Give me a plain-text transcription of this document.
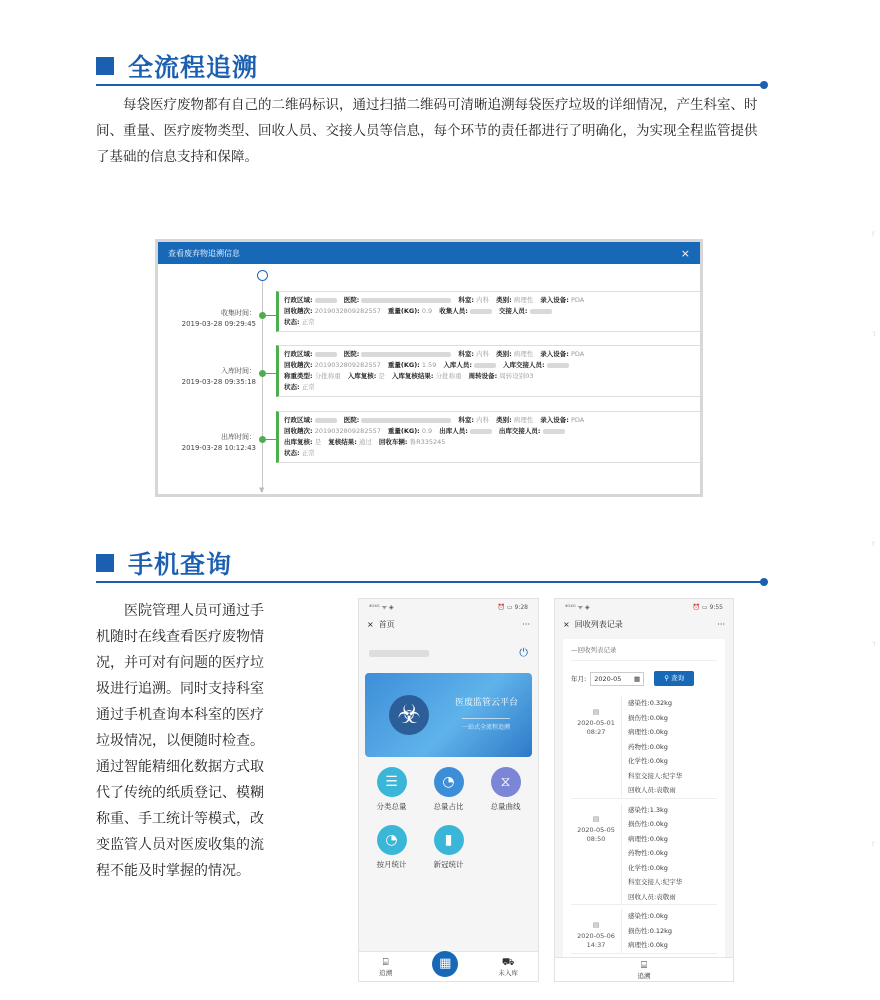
⸢
⸣
⸢
⸣
⸢
全流程追溯
每袋医疗废物都有自己的二维码标识，通过扫描二维码可清晰追溯每袋医疗垃圾的详细情况，产生科室、时间、重量、医疗废物类型、回收人员、交接人员等信息，每个环节的责任都进行了明确化，为实现全程监管提供了基础的信息支持和保障。
查看废弃物追溯信息	×
▼
收集时间：
2019-03-28 09:29:45
行政区域:	医院:	科室: 内科 类别: 病理性 录入设备: PDA
回收趟次: 2019032809282557 重量(KG): 0.9 收集人员:	交接人员:
状态: 正常
入库时间：
2019-03-28 09:35:18
行政区域:	医院:	科室: 内科 类别: 病理性 录入设备: PDA
回收趟次: 2019032809282557 重量(KG): 1.59 入库人员:	入库交接人员:
称重类型: 分批称重 入库复核: 是 入库复核结果: 分批称重 周转设备: 周转设别03
状态: 正常
出库时间：
2019-03-28 10:12:43
行政区域:	医院:	科室: 内科 类别: 病理性 录入设备: PDA
回收趟次: 2019032809282557 重量(KG): 0.9 出库人员:	出库交接人员:
出库复核: 是 复核结果: 通过 回收车辆: 鲁R335245
状态: 正常
手机查询
医院管理人员可通过手机随时在线查看医疗废物情况，并可对有问题的医疗垃圾进行追溯。同时支持科室通过手机查询本科室的医疗垃圾情况，以便随时检查。通过智能精细化数据方式取代了传统的纸质登记、模糊称重、手工统计等模式，改变监管人员对医废收集的流程不能及时掌握的情况。
⁴ᴳ⁴ᴳ ᯤ ◈	⏰ ▭ 9:28
× 首页	···
⏻
☣	医废监管云平台
一站式全流程追溯
☰
分类总量
◔
总量占比
⧖
总量曲线
◔
按月统计
▮
新冠统计
⌸
追溯
▦	⛟
未入库
⁴ᴳ⁴ᴳ ᯤ ◈	⏰ ▭ 9:55
× 回收列表记录	···
—回收列表记录
年月: 2020-05 ▦	⚲ 查询
▤
2020-05-01
08:27
感染性:0.32kg
损伤性:0.0kg
病理性:0.0kg
药物性:0.0kg
化学性:0.0kg
科室交接人:纪宇华
回收人员:袁敬雨
▤
2020-05-05
08:50
感染性:1.3kg
损伤性:0.0kg
病理性:0.0kg
药物性:0.0kg
化学性:0.0kg
科室交接人:纪宇华
回收人员:袁敬雨
▤
2020-05-06
14:37
感染性:0.0kg
损伤性:0.12kg
病理性:0.0kg
⌸
追溯
